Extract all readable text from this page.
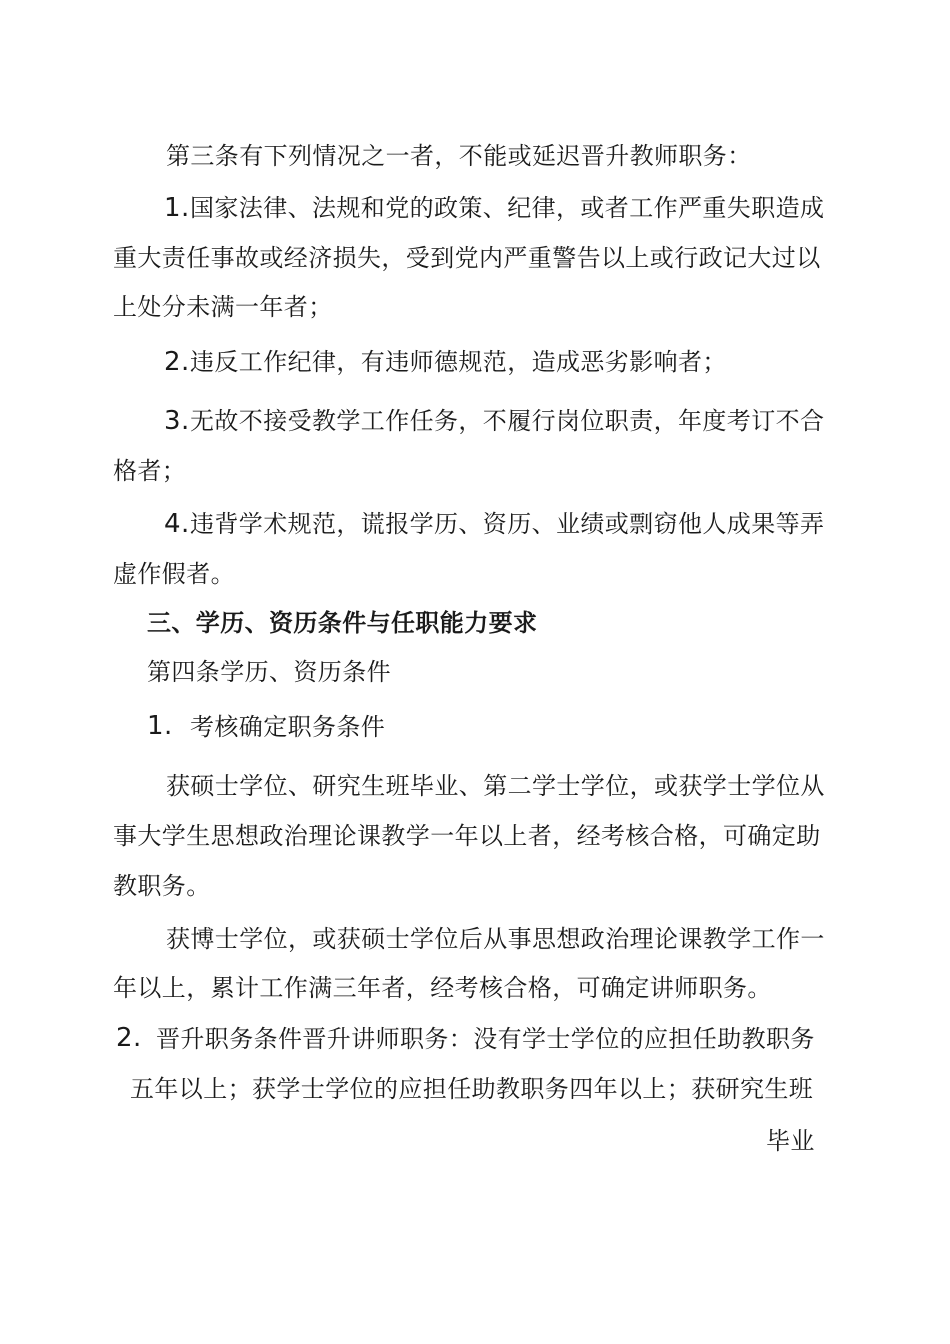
第三条有下列情况之一者，不能或延迟晋升教师职务：
1. 国家法律、法规和党的政策、纪律，或者工作严重失职造成
重大责任事故或经济损失，受到党内严重警告以上或行政记大过以
上处分未满一年者；
2. 违反工作纪律，有违师德规范，造成恶劣影响者；
3. 无故不接受教学工作任务，不履行岗位职责，年度考订不合
格者；
4. 违背学术规范，谎报学历、资历、业绩或剽窃他人成果等弄
虚作假者。
三、学历、资历条件与任职能力要求
第四条学历、资历条件
1. 考核确定职务条件
获硕士学位、研究生班毕业、第二学士学位，或获学士学位从
事大学生思想政治理论课教学一年以上者，经考核合格，可确定助
教职务。
获博士学位，或获硕士学位后从事思想政治理论课教学工作一
年以上，累计工作满三年者，经考核合格，可确定讲师职务。
2. 晋升职务条件晋升讲师职务：没有学士学位的应担任助教职务
五年以上；获学士学位的应担任助教职务四年以上；获研究生班
毕业
